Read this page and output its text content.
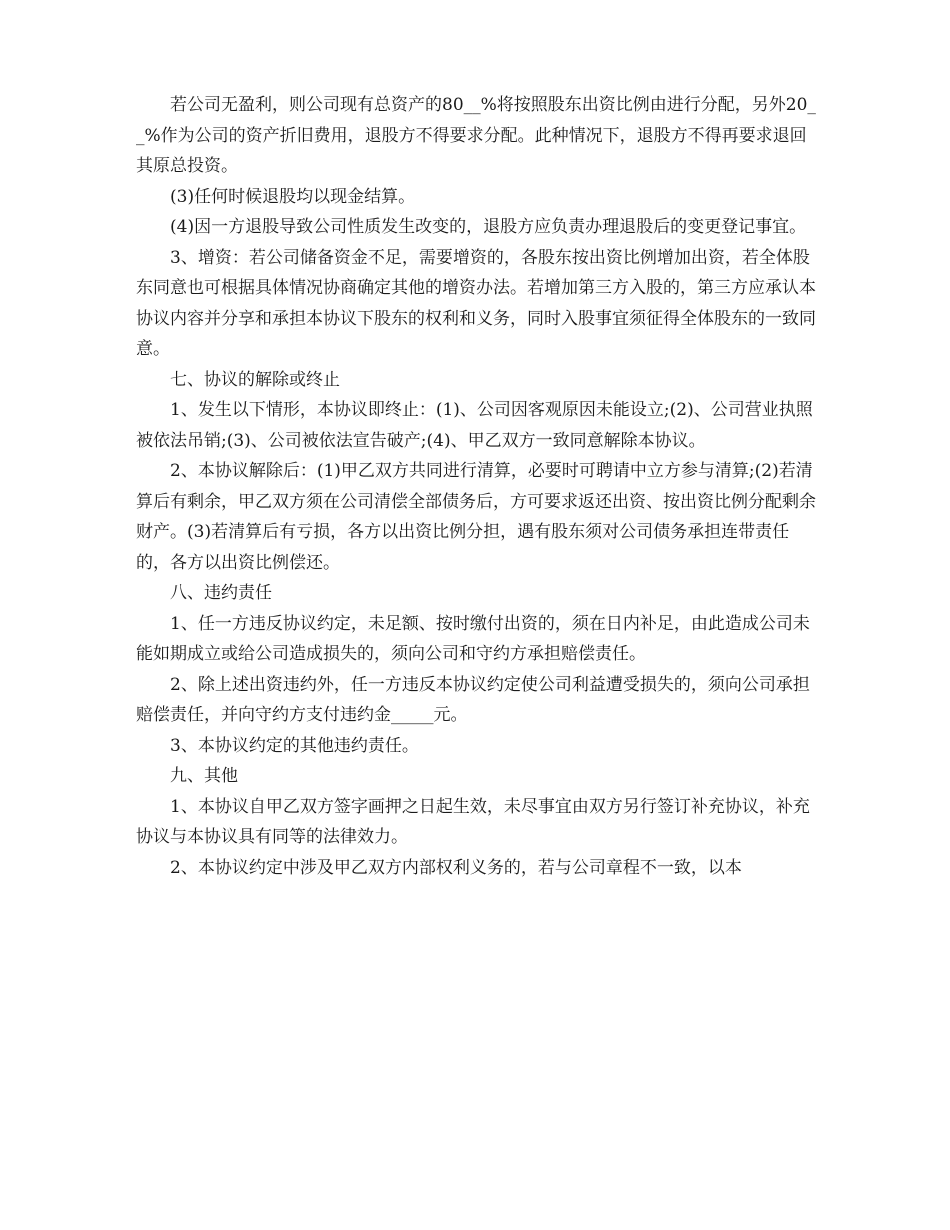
若公司无盈利，则公司现有总资产的80__%将按照股东出资比例由进行分配，另外20__%作为公司的资产折旧费用，退股方不得要求分配。此种情况下，退股方不得再要求退回其原总投资。

(3)任何时候退股均以现金结算。

(4)因一方退股导致公司性质发生改变的，退股方应负责办理退股后的变更登记事宜。

3、增资：若公司储备资金不足，需要增资的，各股东按出资比例增加出资，若全体股东同意也可根据具体情况协商确定其他的增资办法。若增加第三方入股的，第三方应承认本协议内容并分享和承担本协议下股东的权利和义务，同时入股事宜须征得全体股东的一致同意。

七、协议的解除或终止

1、发生以下情形，本协议即终止：(1)、公司因客观原因未能设立;(2)、公司营业执照被依法吊销;(3)、公司被依法宣告破产;(4)、甲乙双方一致同意解除本协议。

2、本协议解除后：(1)甲乙双方共同进行清算，必要时可聘请中立方参与清算;(2)若清算后有剩余，甲乙双方须在公司清偿全部债务后，方可要求返还出资、按出资比例分配剩余财产。(3)若清算后有亏损，各方以出资比例分担，遇有股东须对公司债务承担连带责任的，各方以出资比例偿还。

八、违约责任

1、任一方违反协议约定，未足额、按时缴付出资的，须在日内补足，由此造成公司未能如期成立或给公司造成损失的，须向公司和守约方承担赔偿责任。

2、除上述出资违约外，任一方违反本协议约定使公司利益遭受损失的，须向公司承担赔偿责任，并向守约方支付违约金_____元。

3、本协议约定的其他违约责任。

九、其他

1、本协议自甲乙双方签字画押之日起生效，未尽事宜由双方另行签订补充协议，补充协议与本协议具有同等的法律效力。

2、本协议约定中涉及甲乙双方内部权利义务的，若与公司章程不一致，以本
